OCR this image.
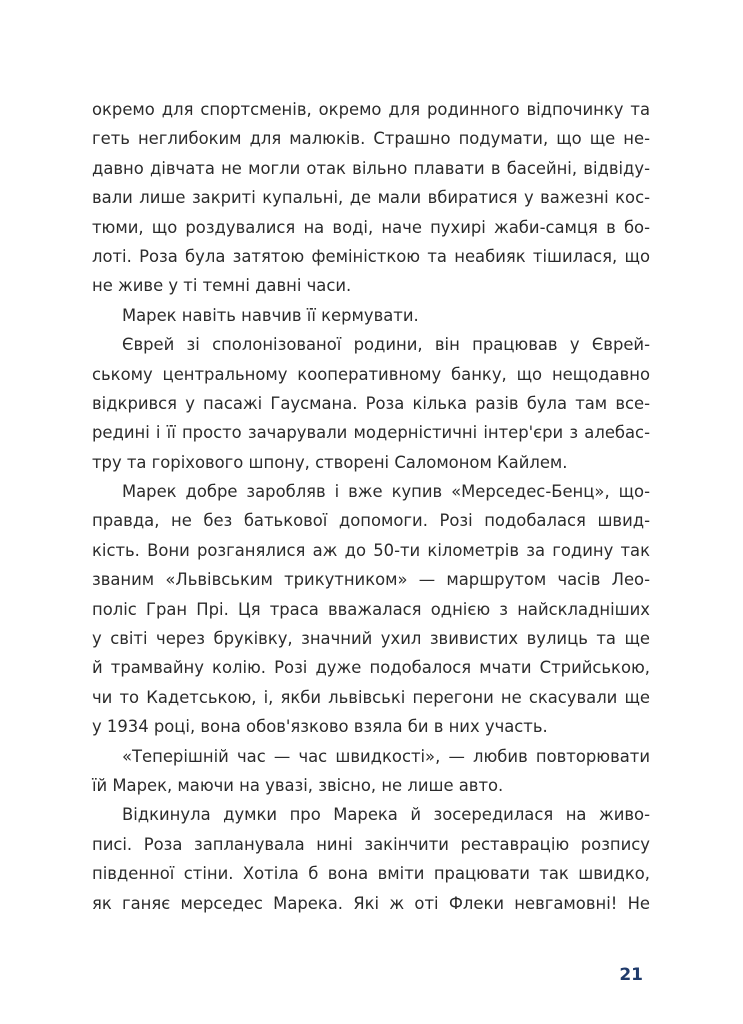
окремо для спортсменів, окремо для родинного відпочинку та
геть неглибоким для малюків. Страшно подумати, що ще не-
давно дівчата не могли отак вільно плавати в басейні, відвіду-
вали лише закриті купальні, де мали вбиратися у важезні кос-
тюми, що роздувалися на воді, наче пухирі жаби-самця в бо-
лоті. Роза була затятою феміністкою та неабияк тішилася, що
не живе у ті темні давні часи.
Марек навіть навчив її кермувати.
Єврей зі сполонізованої родини, він працював у Єврей-
ському центральному кооперативному банку, що нещодавно
відкрився у пасажі Гаусмана. Роза кілька разів була там все-
редині і її просто зачарували модерністичні інтер'єри з алебас-
тру та горіхового шпону, створені Саломоном Кайлем.
Марек добре заробляв і вже купив «Мерседес-Бенц», що-
правда, не без батькової допомоги. Розі подобалася швид-
кість. Вони розганялися аж до 50-ти кілометрів за годину так
званим «Львівським трикутником» — маршрутом часів Лео-
поліс Гран Прі. Ця траса вважалася однією з найскладніших
у світі через бруківку, значний ухил звивистих вулиць та ще
й трамвайну колію. Розі дуже подобалося мчати Стрийською,
чи то Кадетською, і, якби львівські перегони не скасували ще
у 1934 році, вона обов'язково взяла би в них участь.
«Теперішній час — час швидкості», — любив повторювати
їй Марек, маючи на увазі, звісно, не лише авто.
Відкинула думки про Марека й зосередилася на живо-
писі. Роза запланувала нині закінчити реставрацію розпису
південної стіни. Хотіла б вона вміти працювати так швидко,
як ганяє мерседес Марека. Які ж оті Флеки невгамовні! Не
21
